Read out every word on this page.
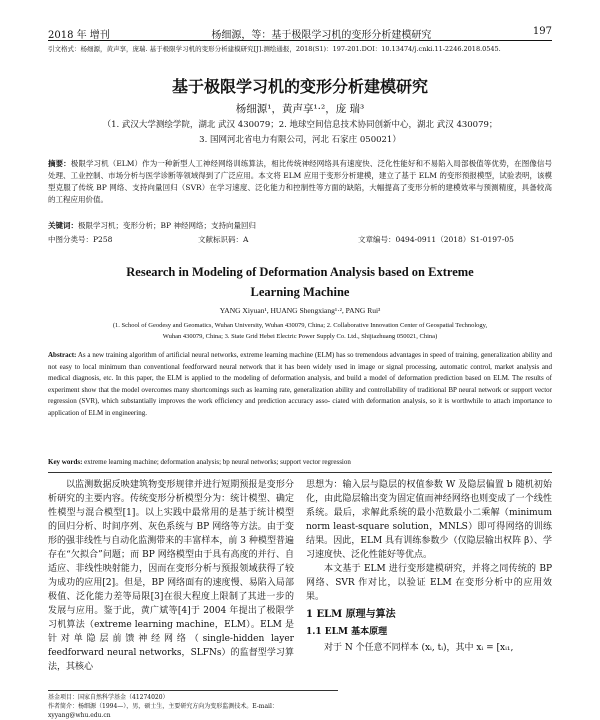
2018 年 增刊	杨细源，等：基于极限学习机的变形分析建模研究	197
引文格式：杨细源，黄声享，庞瑞. 基于极限学习机的变形分析建模研究[J].测绘通报，2018(S1)：197-201.DOI：10.13474/j.cnki.11-2246.2018.0545.
基于极限学习机的变形分析建模研究
杨细源¹，黄声享¹·²，庞 瑞³
（1. 武汉大学测绘学院，湖北 武汉 430079；2. 地球空间信息技术协同创新中心，湖北 武汉 430079；
3. 国网河北省电力有限公司，河北 石家庄 050021）
摘要：极限学习机（ELM）作为一种新型人工神经网络训练算法，相比传统神经网络具有速度快、泛化性能好和不易陷入局部极值等优势，在图像信号处理、工业控制、市场分析与医学诊断等领域得到了广泛应用。本文将 ELM 应用于变形分析建模，建立了基于 ELM 的变形预报模型，试验表明，该模型克服了传统 BP 网络、支持向量回归（SVR）在学习速度、泛化能力和控制性等方面的缺陷，大幅提高了变形分析的建模效率与预测精度，具备较高的工程应用价值。
关键词：极限学习机；变形分析；BP 神经网络；支持向量回归
中图分类号：P258	文献标识码：A	文章编号：0494-0911（2018）S1-0197-05
Research in Modeling of Deformation Analysis based on Extreme
Learning Machine
YANG Xiyuan¹, HUANG Shengxiang¹·², PANG Rui³
(1. School of Geodesy and Geomatics, Wuhan University, Wuhan 430079, China; 2. Collaborative Innovation Center of Geospatial Technology,
Wuhan 430079, China; 3. State Grid Hebei Electric Power Supply Co. Ltd., Shijiazhuang 050021, China)
Abstract: As a new training algorithm of artificial neural networks, extreme learning machine (ELM) has so tremendous advantages in speed of training, generalization ability and not easy to local minimum than conventional feedforward neural network that it has been widely used in image or signal processing, automatic control, market analysis and medical diagnosis, etc. In this paper, the ELM is applied to the modeling of deformation analysis, and build a model of deformation prediction based on ELM. The results of experiment show that the model overcomes many shortcomings such as learning rate, generalization ability and controllability of traditional BP neural network or support vector regression (SVR), which substantially improves the work efficiency and prediction accuracy asso- ciated with deformation analysis, so it is worthwhile to attach importance to application of ELM in engineering.
Key words: extreme learning machine; deformation analysis; bp neural networks; support vector regression

以监测数据反映建筑物变形规律并进行短期预报是变形分析研究的主要内容。传统变形分析模型分为：统计模型、确定性模型与混合模型[1]。以上实践中最常用的是基于统计模型的回归分析、时间序列、灰色系统与 BP 网络等方法。由于变形的强非线性与自动化监测带来的丰富样本，前 3 种模型普遍存在“欠拟合”问题；而 BP 网络模型由于具有高度的并行、自适应、非线性映射能力，因而在变形分析与预报领域获得了较为成功的应用[2]。但是，BP 网络面有的速度慢、易陷入局部极值、泛化能力差等局限[3]在很大程度上限制了其进一步的发展与应用。鉴于此，黄广斌等[4]于 2004 年提出了极限学习机算法（extreme learning machine，ELM）。ELM 是针对单隐层前馈神经网络（single-hidden layer feedforward neural networks，SLFNs）的监督型学习算法，其核心

思想为：输入层与隐层的权值参数 W 及隐层偏置 b 随机初始化，由此隐层输出变为固定值而神经网络也则变成了一个线性系统。最后，求解此系统的最小范数最小二乘解（minimum norm least-square solution，MNLS）即可得网络的训练结果。因此，ELM 具有训练参数少（仅隐层输出权阵 β）、学习速度快、泛化性能好等优点。

本文基于 ELM 进行变形建模研究，并将之同传统的 BP 网络、SVR 作对比，以验证 ELM 在变形分析中的应用效果。

1 ELM 原理与算法
1.1 ELM 基本原理

对于 N 个任意不同样本 (xᵢ, tᵢ)，其中 xᵢ = [xᵢ₁,

基金项目：国家自然科学基金（41274020）
作者简介：杨细源（1994—），男，硕士生，主要研究方向为变形监测技术。E-mail：xyyang@whu.edu.cn
